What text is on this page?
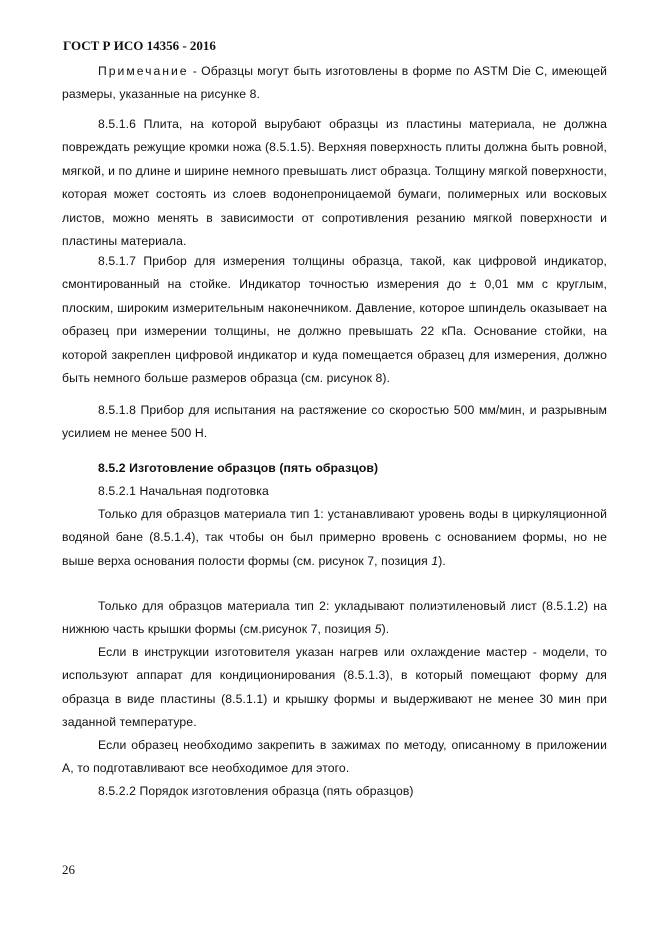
ГОСТ Р ИСО 14356 - 2016

Примечание - Образцы могут быть изготовлены в форме по ASTM Die C, имеющей размеры, указанные на рисунке 8.

8.5.1.6 Плита, на которой вырубают образцы из пластины материала, не должна повреждать режущие кромки ножа (8.5.1.5). Верхняя поверхность плиты должна быть ровной, мягкой, и по длине и ширине немного превышать лист образца. Толщину мягкой поверхности, которая может состоять из слоев водонепроницаемой бумаги, полимерных или восковых листов, можно менять в зависимости от сопротивления резанию мягкой поверхности и пластины материала.

8.5.1.7 Прибор для измерения толщины образца, такой, как цифровой индикатор, смонтированный на стойке. Индикатор точностью измерения до ± 0,01 мм с круглым, плоским, широким измерительным наконечником. Давление, которое шпиндель оказывает на образец при измерении толщины, не должно превышать 22 кПа. Основание стойки, на которой закреплен цифровой индикатор и куда помещается образец для измерения, должно быть немного больше размеров образца (см. рисунок 8).

8.5.1.8 Прибор для испытания на растяжение со скоростью 500 мм/мин, и разрывным усилием не менее 500 Н.

8.5.2 Изготовление образцов (пять образцов)

8.5.2.1 Начальная подготовка

Только для образцов материала тип 1: устанавливают уровень воды в циркуляционной водяной бане (8.5.1.4), так чтобы он был примерно вровень с основанием формы, но не выше верха основания полости формы (см. рисунок 7, позиция 1).

Только для образцов материала тип 2: укладывают полиэтиленовый лист (8.5.1.2) на нижнюю часть крышки формы (см.рисунок 7, позиция 5).

Если в инструкции изготовителя указан нагрев или охлаждение мастер - модели, то используют аппарат для кондиционирования (8.5.1.3), в который помещают форму для образца в виде пластины (8.5.1.1) и крышку формы и выдерживают не менее 30 мин при заданной температуре.

Если образец необходимо закрепить в зажимах по методу, описанному в приложении А, то подготавливают все необходимое для этого.

8.5.2.2 Порядок изготовления образца (пять образцов)

26
